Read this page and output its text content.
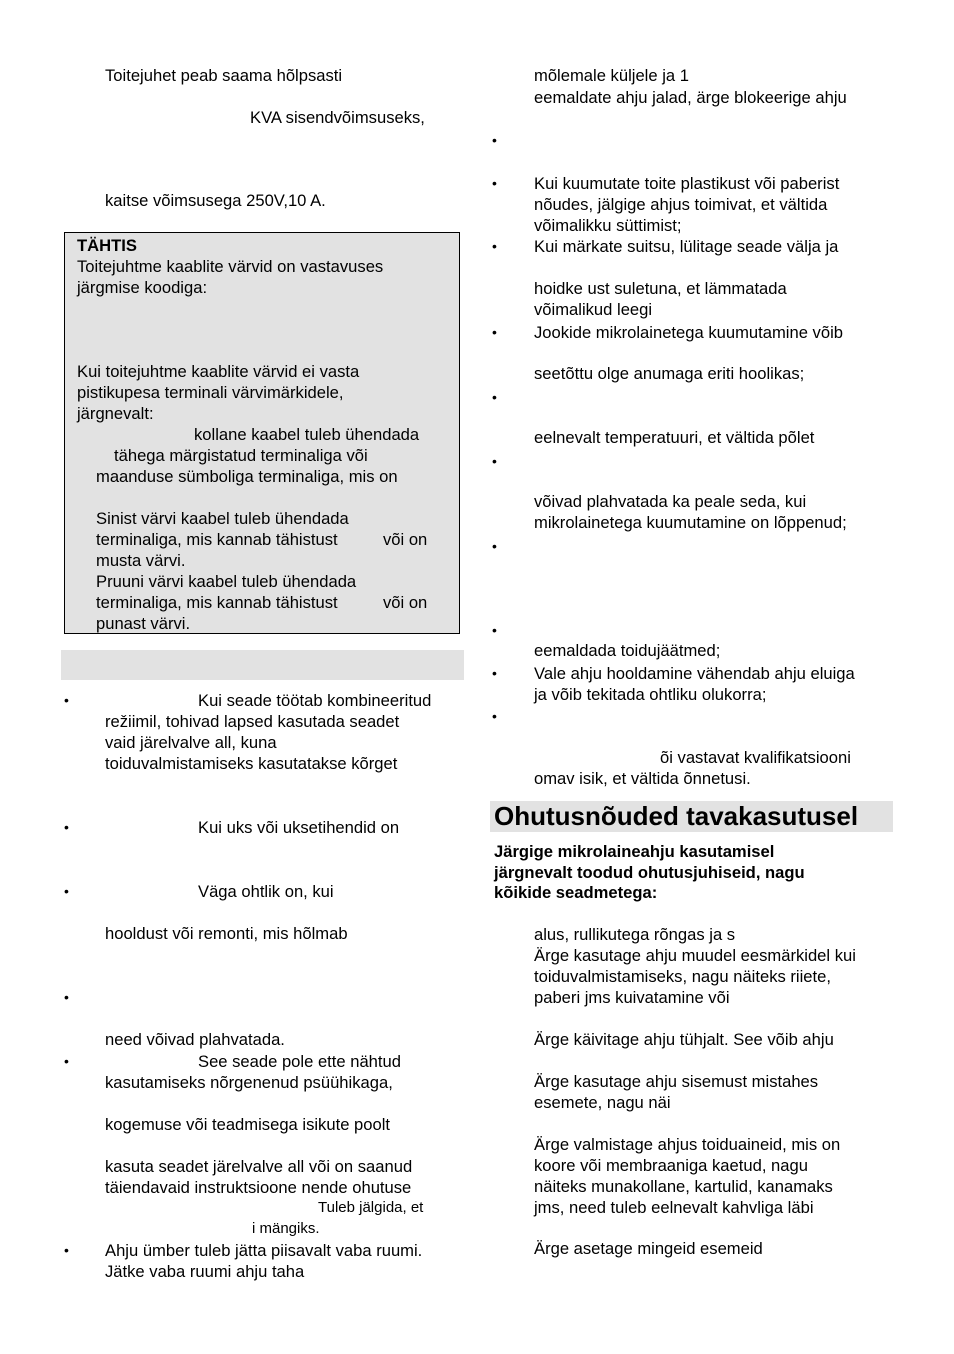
Toitejuhet peab saama hõlpsasti
KVA sisendvõimsuseks,
kaitse võimsusega 250V,10 A.
TÄHTIS
Toitejuhtme kaablite värvid on vastavuses
järgmise koodiga:
Kui toitejuhtme kaablite värvid ei vasta
pistikupesa terminali värvimärkidele,
järgnevalt:
kollane kaabel tuleb ühendada
tähega märgistatud terminaliga või
maanduse sümboliga terminaliga, mis on
Sinist värvi kaabel tuleb ühendada
terminaliga, mis kannab tähistust	või on
musta värvi.
Pruuni värvi kaabel tuleb ühendada
terminaliga, mis kannab tähistust	või on
punast värvi.
•	Kui seade töötab kombineeritud
režiimil, tohivad lapsed kasutada seadet
vaid järelvalve all, kuna
toiduvalmistamiseks kasutatakse kõrget
•	Kui uks või uksetihendid on
•	Väga ohtlik on, kui
hooldust või remonti, mis hõlmab
•
need võivad plahvatada.
•	See seade pole ette nähtud
kasutamiseks nõrgenenud psüühikaga,
kogemuse või teadmisega isikute poolt
kasuta seadet järelvalve all või on saanud
täiendavaid instruktsioone nende ohutuse
Tuleb jälgida, et
i mängiks.
• Ahju ümber tuleb jätta piisavalt vaba ruumi.
Jätke vaba ruumi ahju taha
mõlemale küljele ja 1
eemaldate ahju jalad, ärge blokeerige ahju
•
• Kui kuumutate toite plastikust või paberist
nõudes, jälgige ahjus toimivat, et vältida
võimalikku süttimist;
• Kui märkate suitsu, lülitage seade välja ja
hoidke ust suletuna, et lämmatada
võimalikud leegi
• Jookide mikrolainetega kuumutamine võib
seetõttu olge anumaga eriti hoolikas;
•
eelnevalt temperatuuri, et vältida põlet
•
võivad plahvatada ka peale seda, kui
mikrolainetega kuumutamine on lõppenud;
•
•
eemaldada toidujäätmed;
• Vale ahju hooldamine vähendab ahju eluiga
ja võib tekitada ohtliku olukorra;
•
õi vastavat kvalifikatsiooni
omav isik, et vältida õnnetusi.
Ohutusnõuded tavakasutusel
Järgige mikrolaineahju kasutamisel
järgnevalt toodud ohutusjuhiseid, nagu
kõikide seadmetega:
alus, rullikutega rõngas ja s
Ärge kasutage ahju muudel eesmärkidel kui
toiduvalmistamiseks, nagu näiteks riiete,
paberi jms kuivatamine või
Ärge käivitage ahju tühjalt. See võib ahju
Ärge kasutage ahju sisemust mistahes
esemete, nagu näi
Ärge valmistage ahjus toiduaineid, mis on
koore või membraaniga kaetud, nagu
näiteks munakollane, kartulid, kanamaks
jms, need tuleb eelnevalt kahvliga läbi
Ärge asetage mingeid esemeid
